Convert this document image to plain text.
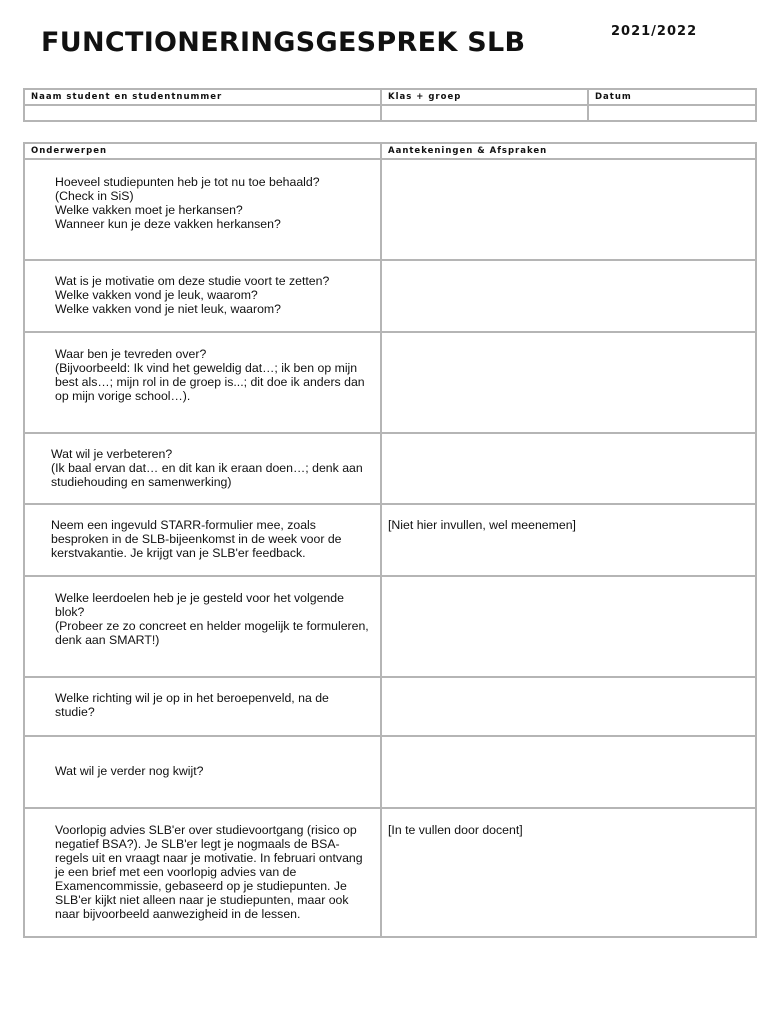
FUNCTIONERINGSGESPREK SLB	2021/2022
Naam student en studentnummer	Klas + groep	Datum

Onderwerpen	Aantekeningen & Afspraken

Hoeveel studiepunten heb je tot nu toe behaald?
(Check in SiS)
Welke vakken moet je herkansen?
Wanneer kun je deze vakken herkansen?	

Wat is je motivatie om deze studie voort te zetten?
Welke vakken vond je leuk, waarom?
Welke vakken vond je niet leuk, waarom?	

Waar ben je tevreden over?
(Bijvoorbeeld: Ik vind het geweldig dat…; ik ben op mijn best als…; mijn rol in de groep is...; dit doe ik anders dan op mijn vorige school…).	

Wat wil je verbeteren?
(Ik baal ervan dat… en dit kan ik eraan doen…; denk aan studiehouding en samenwerking)	

Neem een ingevuld STARR-formulier mee, zoals besproken in de SLB-bijeenkomst in de week voor de kerstvakantie. Je krijgt van je SLB'er feedback.	[Niet hier invullen, wel meenemen]

Welke leerdoelen heb je je gesteld voor het volgende blok?
(Probeer ze zo concreet en helder mogelijk te formuleren, denk aan SMART!)	

Welke richting wil je op in het beroepenveld, na de studie?	

Wat wil je verder nog kwijt?	

Voorlopig advies SLB'er over studievoortgang (risico op negatief BSA?). Je SLB'er legt je nogmaals de BSA-regels uit en vraagt naar je motivatie. In februari ontvang je een brief met een voorlopig advies van de Examencommissie, gebaseerd op je studiepunten. Je SLB'er kijkt niet alleen naar je studiepunten, maar ook naar bijvoorbeeld aanwezigheid in de lessen.	[In te vullen door docent]
